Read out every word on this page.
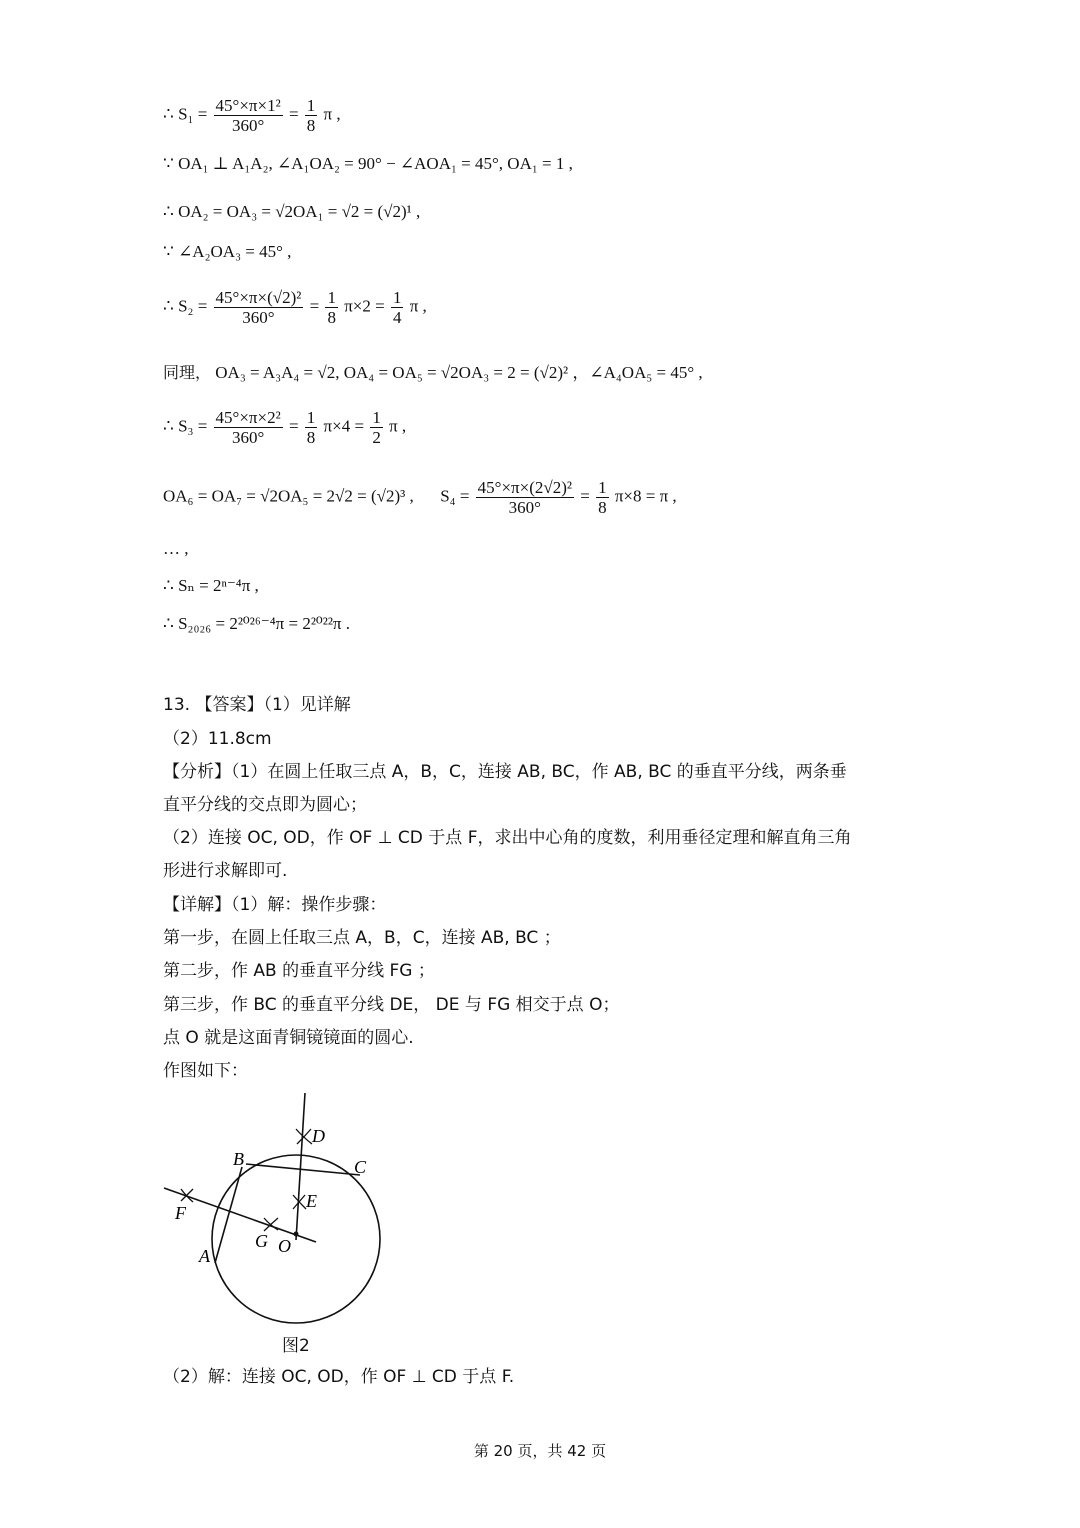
∴ $S_1 = \frac{\text{45°×π×1²}}{360^\circ} = \frac{1}{8}$ π ,
∵ OA₁ ⊥ A₁A₂, ∠A₁OA₂ = 90° − ∠AOA₁ = 45°, OA₁ = 1 ,
∴ OA₂ = OA₃ = √2OA₁ = √2 = (√2)¹ ,
∵ ∠A₂OA₃ = 45° ,
∴ $S_2 = \frac{\text{45°×π×(√2)²}}{360^\circ} = \frac{1}{8} \pi\times 2 = \frac{1}{4}$ π ,
同理， OA₃ = A₃A₄ = √2, OA₄ = OA₅ = √2OA₃ = 2 = (√2)² ，∠A₄OA₅ = 45° ,
∴ $S_3 = \frac{\text{45°×π×2²}}{360^\circ} = \frac{1}{8} \pi\times 4 = \frac{1}{2}$ π ,
OA₆ = OA₇ = √2OA₅ = 2√2 = (√2)³ , $S_4 = \frac{\text{45°×π×(2√2)²}}{360^\circ} = \frac{1}{8} \pi\times 8 = \pi$ ,
… ,
∴ Sₙ = 2ⁿ⁻⁴π ,
∴ S₂₀₂₆ = 2²⁰²⁶⁻⁴π = 2²⁰²²π .
13. 【答案】（1）见详解
（2）11.8cm
【分析】（1）在圆上任取三点 A，B，C，连接 AB, BC，作 AB, BC 的垂直平分线，两条垂
直平分线的交点即为圆心；
（2）连接 OC, OD，作 OF ⊥ CD 于点 F，求出中心角的度数，利用垂径定理和解直角三角
形进行求解即可.
【详解】（1）解：操作步骤：
第一步，在圆上任取三点 A，B，C，连接 AB, BC ；
第二步，作 AB 的垂直平分线 FG ；
第三步，作 BC 的垂直平分线 DE， DE 与 FG 相交于点 O；
点 O 就是这面青铜镜镜面的圆心.
作图如下：
D
B	C
E
F
G O
A
图2
（2）解：连接 OC, OD，作 OF ⊥ CD 于点 F.
第 20 页，共 42 页
